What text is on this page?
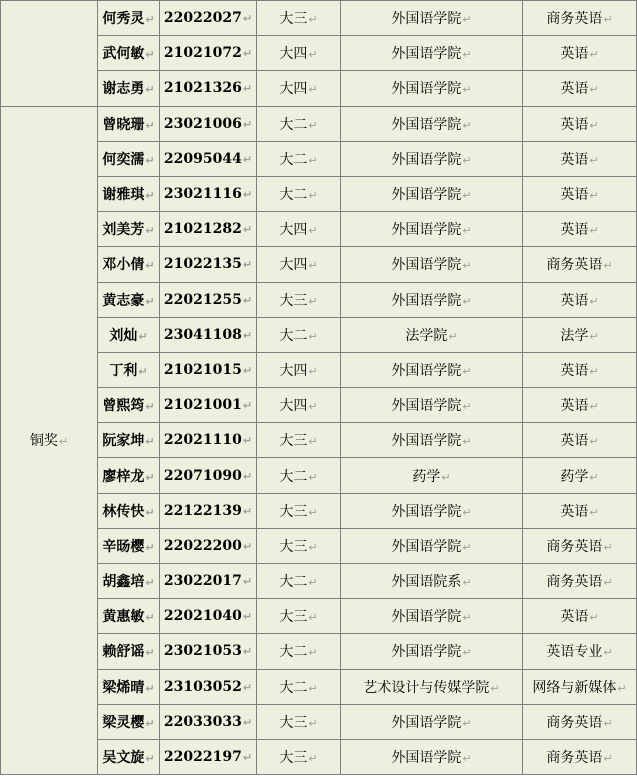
	何秀灵↵	22022027↵	大三↵	外国语学院↵	商务英语↵
	武何敏↵	21021072↵	大四↵	外国语学院↵	英语↵
	谢志勇↵	21021326↵	大四↵	外国语学院↵	英语↵
铜奖↵	曾晓珊↵	23021006↵	大二↵	外国语学院↵	英语↵
	何奕濡↵	22095044↵	大二↵	外国语学院↵	英语↵
	谢雅琪↵	23021116↵	大二↵	外国语学院↵	英语↵
	刘美芳↵	21021282↵	大四↵	外国语学院↵	英语↵
	邓小倩↵	21022135↵	大四↵	外国语学院↵	商务英语↵
	黄志豪↵	22021255↵	大三↵	外国语学院↵	英语↵
	刘灿↵	23041108↵	大二↵	法学院↵	法学↵
	丁利↵	21021015↵	大四↵	外国语学院↵	英语↵
	曾熙筠↵	21021001↵	大四↵	外国语学院↵	英语↵
	阮家坤↵	22021110↵	大三↵	外国语学院↵	英语↵
	廖梓龙↵	22071090↵	大二↵	药学↵	药学↵
	林传快↵	22122139↵	大三↵	外国语学院↵	英语↵
	辛旸樱↵	22022200↵	大三↵	外国语学院↵	商务英语↵
	胡鑫培↵	23022017↵	大二↵	外国语院系↵	商务英语↵
	黄惠敏↵	22021040↵	大三↵	外国语学院↵	英语↵
	赖舒谣↵	23021053↵	大二↵	外国语学院↵	英语专业↵
	梁烯晴↵	23103052↵	大二↵	艺术设计与传媒学院↵	网络与新媒体↵
	梁灵樱↵	22033033↵	大三↵	外国语学院↵	商务英语↵
	吴文旋↵	22022197↵	大三↵	外国语学院↵	商务英语↵
